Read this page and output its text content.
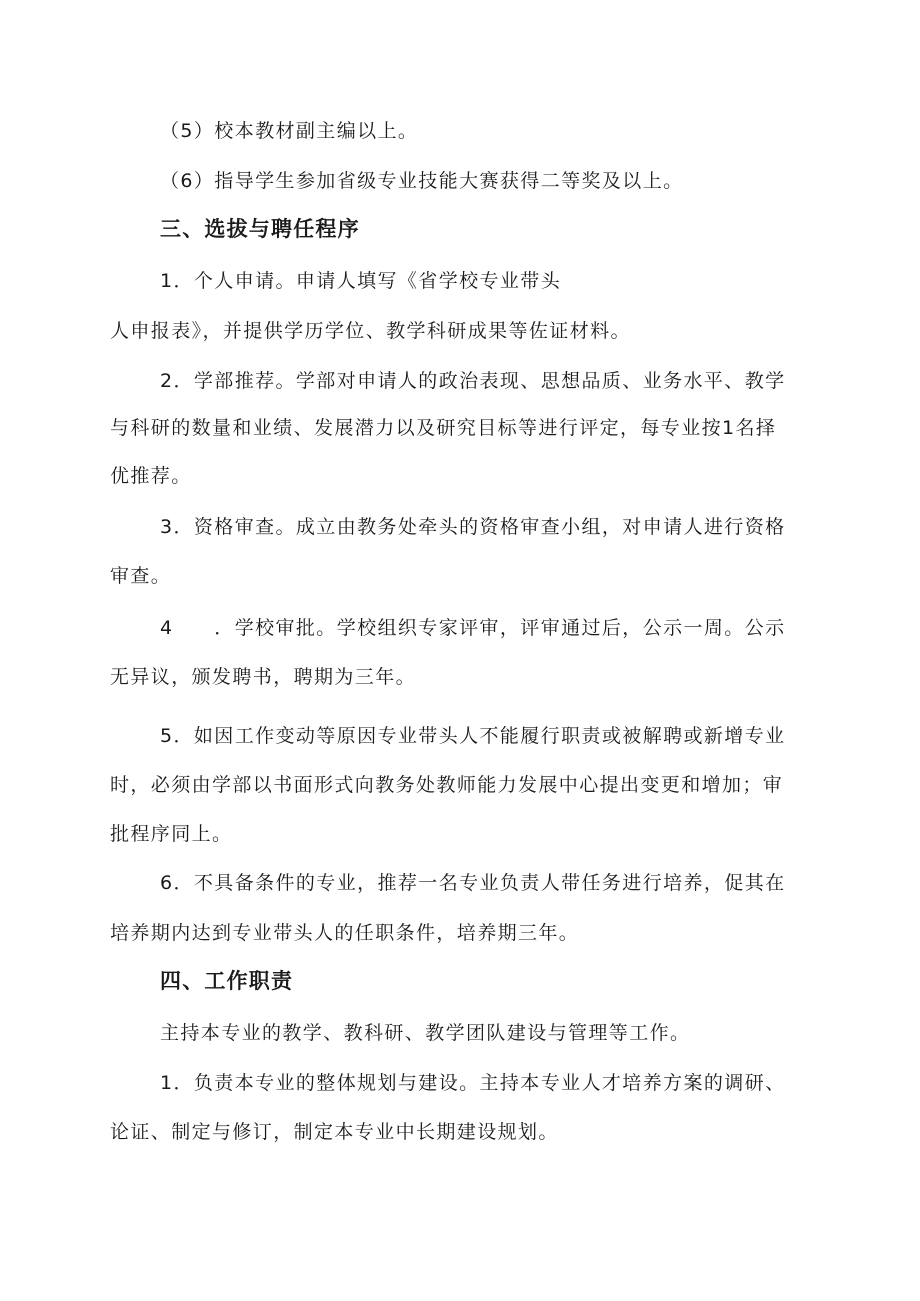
（5）校本教材副主编以上。

（6）指导学生参加省级专业技能大赛获得二等奖及以上。

三、选拔与聘任程序

1．个人申请。申请人填写《省学校专业带头

人申报表》，并提供学历学位、教学科研成果等佐证材料。

2．学部推荐。学部对申请人的政治表现、思想品质、业务水平、教学

与科研的数量和业绩、发展潜力以及研究目标等进行评定，每专业按1名择

优推荐。

3．资格审查。成立由教务处牵头的资格审查小组，对申请人进行资格

审查。

4　　．学校审批。学校组织专家评审，评审通过后，公示一周。公示

无异议，颁发聘书，聘期为三年。

5．如因工作变动等原因专业带头人不能履行职责或被解聘或新增专业

时，必须由学部以书面形式向教务处教师能力发展中心提出变更和增加；审

批程序同上。

6．不具备条件的专业，推荐一名专业负责人带任务进行培养，促其在

培养期内达到专业带头人的任职条件，培养期三年。

四、工作职责

主持本专业的教学、教科研、教学团队建设与管理等工作。

1．负责本专业的整体规划与建设。主持本专业人才培养方案的调研、

论证、制定与修订，制定本专业中长期建设规划。
